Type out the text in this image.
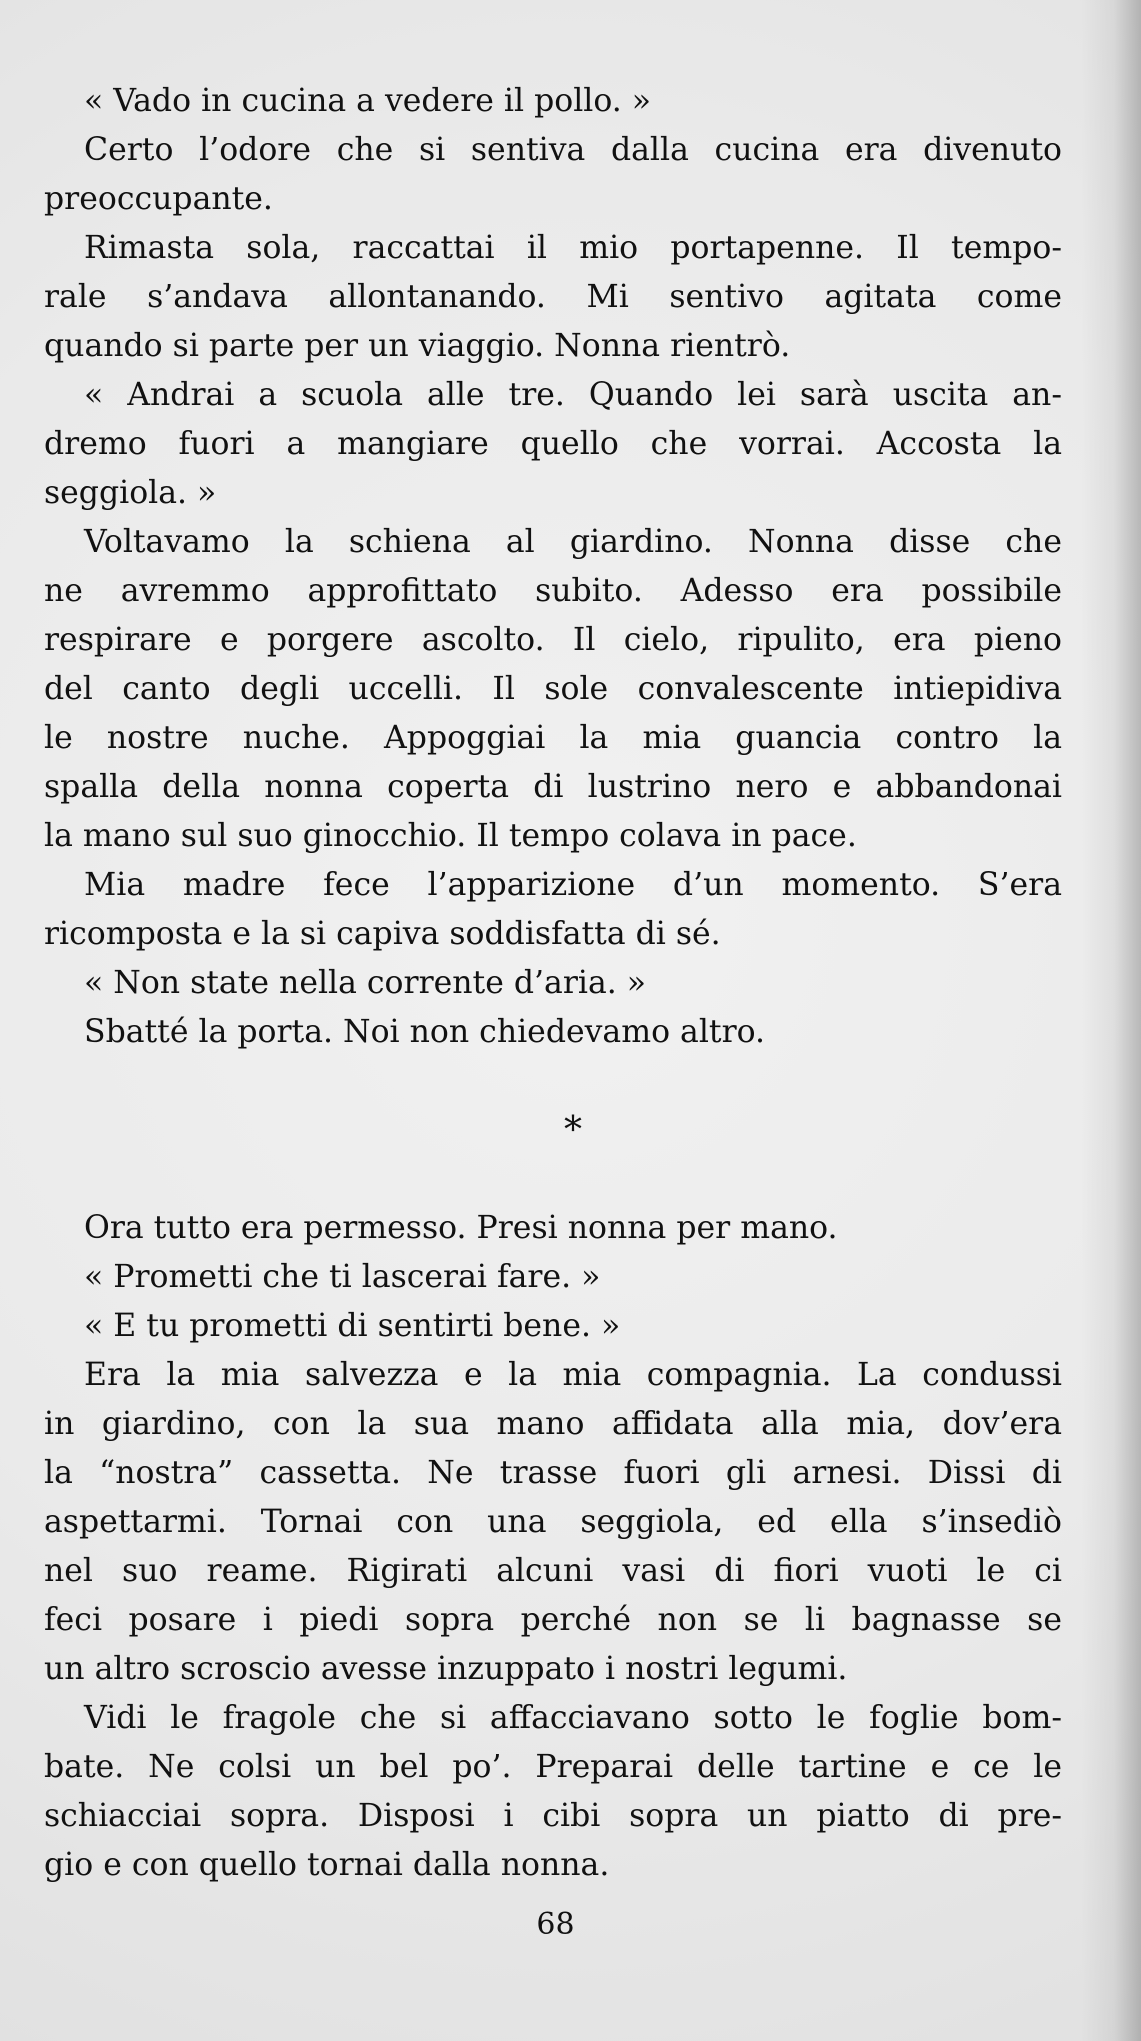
« Vado in cucina a vedere il pollo. »
Certo l’odore che si sentiva dalla cucina era divenuto
preoccupante.
Rimasta sola, raccattai il mio portapenne. Il tempo-
rale s’andava allontanando. Mi sentivo agitata come
quando si parte per un viaggio. Nonna rientrò.
« Andrai a scuola alle tre. Quando lei sarà uscita an-
dremo fuori a mangiare quello che vorrai. Accosta la
seggiola. »
Voltavamo la schiena al giardino. Nonna disse che
ne avremmo approfittato subito. Adesso era possibile
respirare e porgere ascolto. Il cielo, ripulito, era pieno
del canto degli uccelli. Il sole convalescente intiepidiva
le nostre nuche. Appoggiai la mia guancia contro la
spalla della nonna coperta di lustrino nero e abbandonai
la mano sul suo ginocchio. Il tempo colava in pace.
Mia madre fece l’apparizione d’un momento. S’era
ricomposta e la si capiva soddisfatta di sé.
« Non state nella corrente d’aria. »
Sbatté la porta. Noi non chiedevamo altro.
*
Ora tutto era permesso. Presi nonna per mano.
« Prometti che ti lascerai fare. »
« E tu prometti di sentirti bene. »
Era la mia salvezza e la mia compagnia. La condussi
in giardino, con la sua mano affidata alla mia, dov’era
la “nostra” cassetta. Ne trasse fuori gli arnesi. Dissi di
aspettarmi. Tornai con una seggiola, ed ella s’insediò
nel suo reame. Rigirati alcuni vasi di fiori vuoti le ci
feci posare i piedi sopra perché non se li bagnasse se
un altro scroscio avesse inzuppato i nostri legumi.
Vidi le fragole che si affacciavano sotto le foglie bom-
bate. Ne colsi un bel po’. Preparai delle tartine e ce le
schiacciai sopra. Disposi i cibi sopra un piatto di pre-
gio e con quello tornai dalla nonna.
68
